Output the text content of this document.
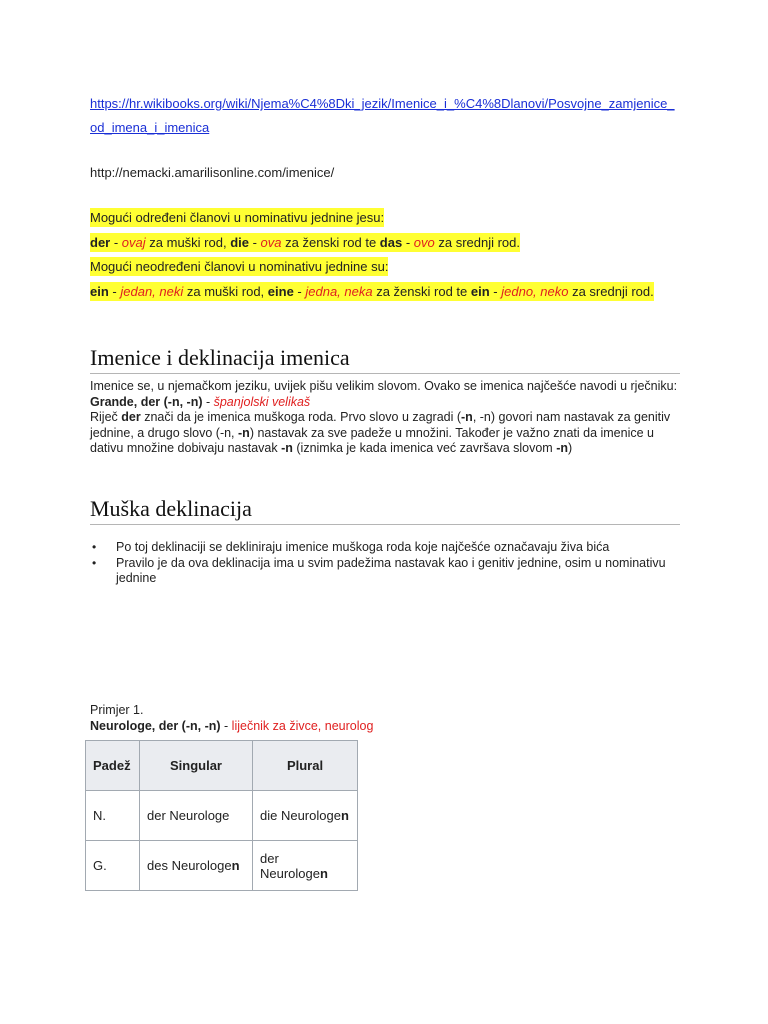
https://hr.wikibooks.org/wiki/Njema%C4%8Dki_jezik/Imenice_i_%C4%8Dlanovi/Posvojne_zamjenice_od_imena_i_imenica
http://nemacki.amarilisonline.com/imenice/
Mogući određeni članovi u nominativu jednine jesu:
der - ovaj za muški rod, die - ova za ženski rod te das - ovo za srednji rod.
Mogući neodređeni članovi u nominativu jednine su:
ein - jedan, neki za muški rod, eine - jedna, neka za ženski rod te ein - jedno, neko za srednji rod.
Imenice i deklinacija imenica
Imenice se, u njemačkom jeziku, uvijek pišu velikim slovom. Ovako se imenica najčešće navodi u rječniku:
Grande, der (-n, -n) - španjolski velikaš
Riječ der znači da je imenica muškoga roda. Prvo slovo u zagradi (-n, -n) govori nam nastavak za genitiv jednine, a drugo slovo (-n, -n) nastavak za sve padeže u množini. Također je važno znati da imenice u dativu množine dobivaju nastavak -n (iznimka je kada imenica već završava slovom -n)
Muška deklinacija
• Po toj deklinaciji se dekliniraju imenice muškoga roda koje najčešće označavaju živa bića
• Pravilo je da ova deklinacija ima u svim padežima nastavak kao i genitiv jednine, osim u nominativu jednine
Primjer 1.
Neurologe, der (-n, -n) - liječnik za živce, neurolog
Padež	Singular	Plural
N.	der Neurologe	die Neurologen
G.	des Neurologen	der Neurologen
